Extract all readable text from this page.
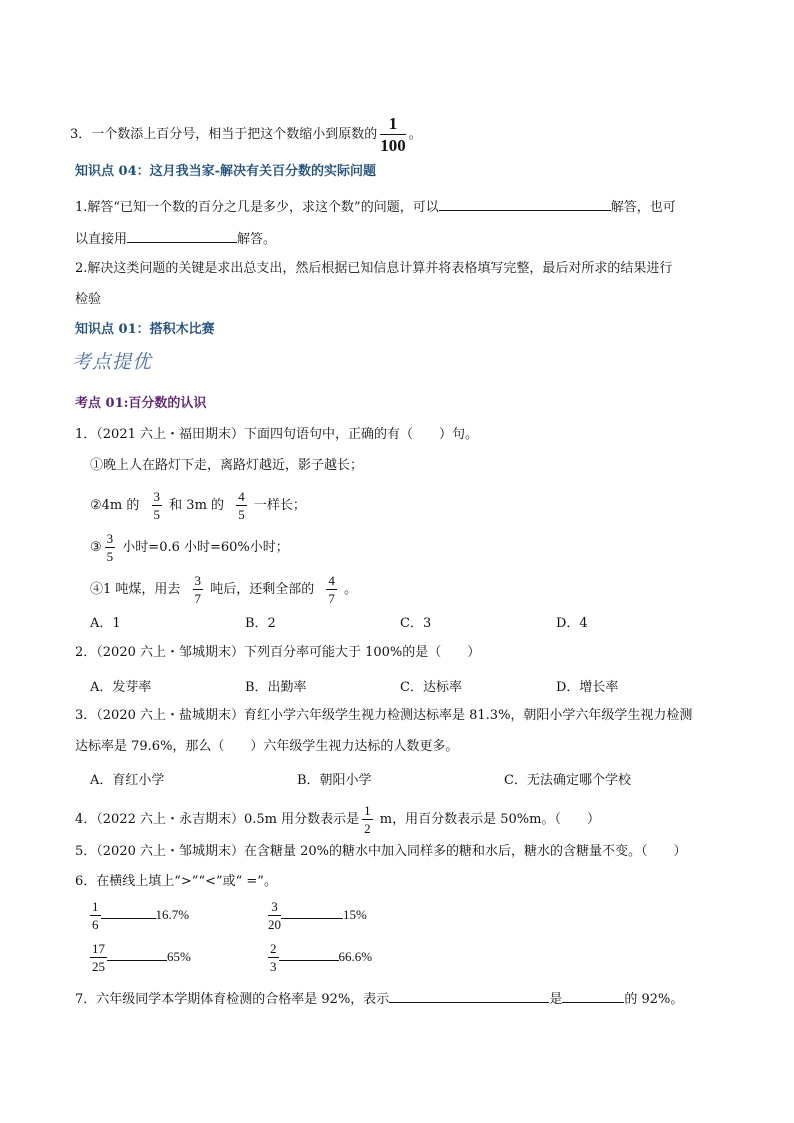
3．一个数添上百分号，相当于把这个数缩小到原数的 $\frac{1}{100}$ 。
知识点 04：这月我当家-解决有关百分数的实际问题
1.解答“已知一个数的百分之几是多少，求这个数”的问题，可以	解答，也可
以直接用	解答。
2.解决这类问题的关键是求出总支出，然后根据已知信息计算并将表格填写完整，最后对所求的结果进行
检验
知识点 01：搭积木比赛
考点提优
考点 01:百分数的认识
1．（2021 六上・福田期末）下面四句语句中，正确的有（　　）句。
①晚上人在路灯下走，离路灯越近，影子越长；
②4m 的 $\frac{3}{5}$ 和 3m 的 $\frac{4}{5}$ 一样长；
③ $\frac{3}{5}$ 小时=0.6 小时=60%小时；
④1 吨煤，用去 $\frac{3}{7}$ 吨后，还剩全部的 $\frac{4}{7}$ 。
A．1	B．2	C．3	D．4
2．（2020 六上・邹城期末）下列百分率可能大于 100%的是（　　）
A．发芽率	B．出勤率	C．达标率	D．增长率
3．（2020 六上・盐城期末）育红小学六年级学生视力检测达标率是 81.3%，朝阳小学六年级学生视力检测
达标率是 79.6%，那么（　　）六年级学生视力达标的人数更多。
A．育红小学	B．朝阳小学	C．无法确定哪个学校
4．（2022 六上・永吉期末）0.5m 用分数表示是 $\frac{1}{2}$ m，用百分数表示是 50%m。（　　）
5．（2020 六上・邹城期末）在含糖量 20%的糖水中加入同样多的糖和水后，糖水的含糖量不变。（　　）
6．在横线上填上“>”“<”或“ =”。
$\frac{1}{6}$	16.7%	$\frac{3}{20}$	15%
$\frac{17}{25}$	65%	$\frac{2}{3}$	66.6%
7．六年级同学本学期体育检测的合格率是 92%，表示	是	的 92%。
